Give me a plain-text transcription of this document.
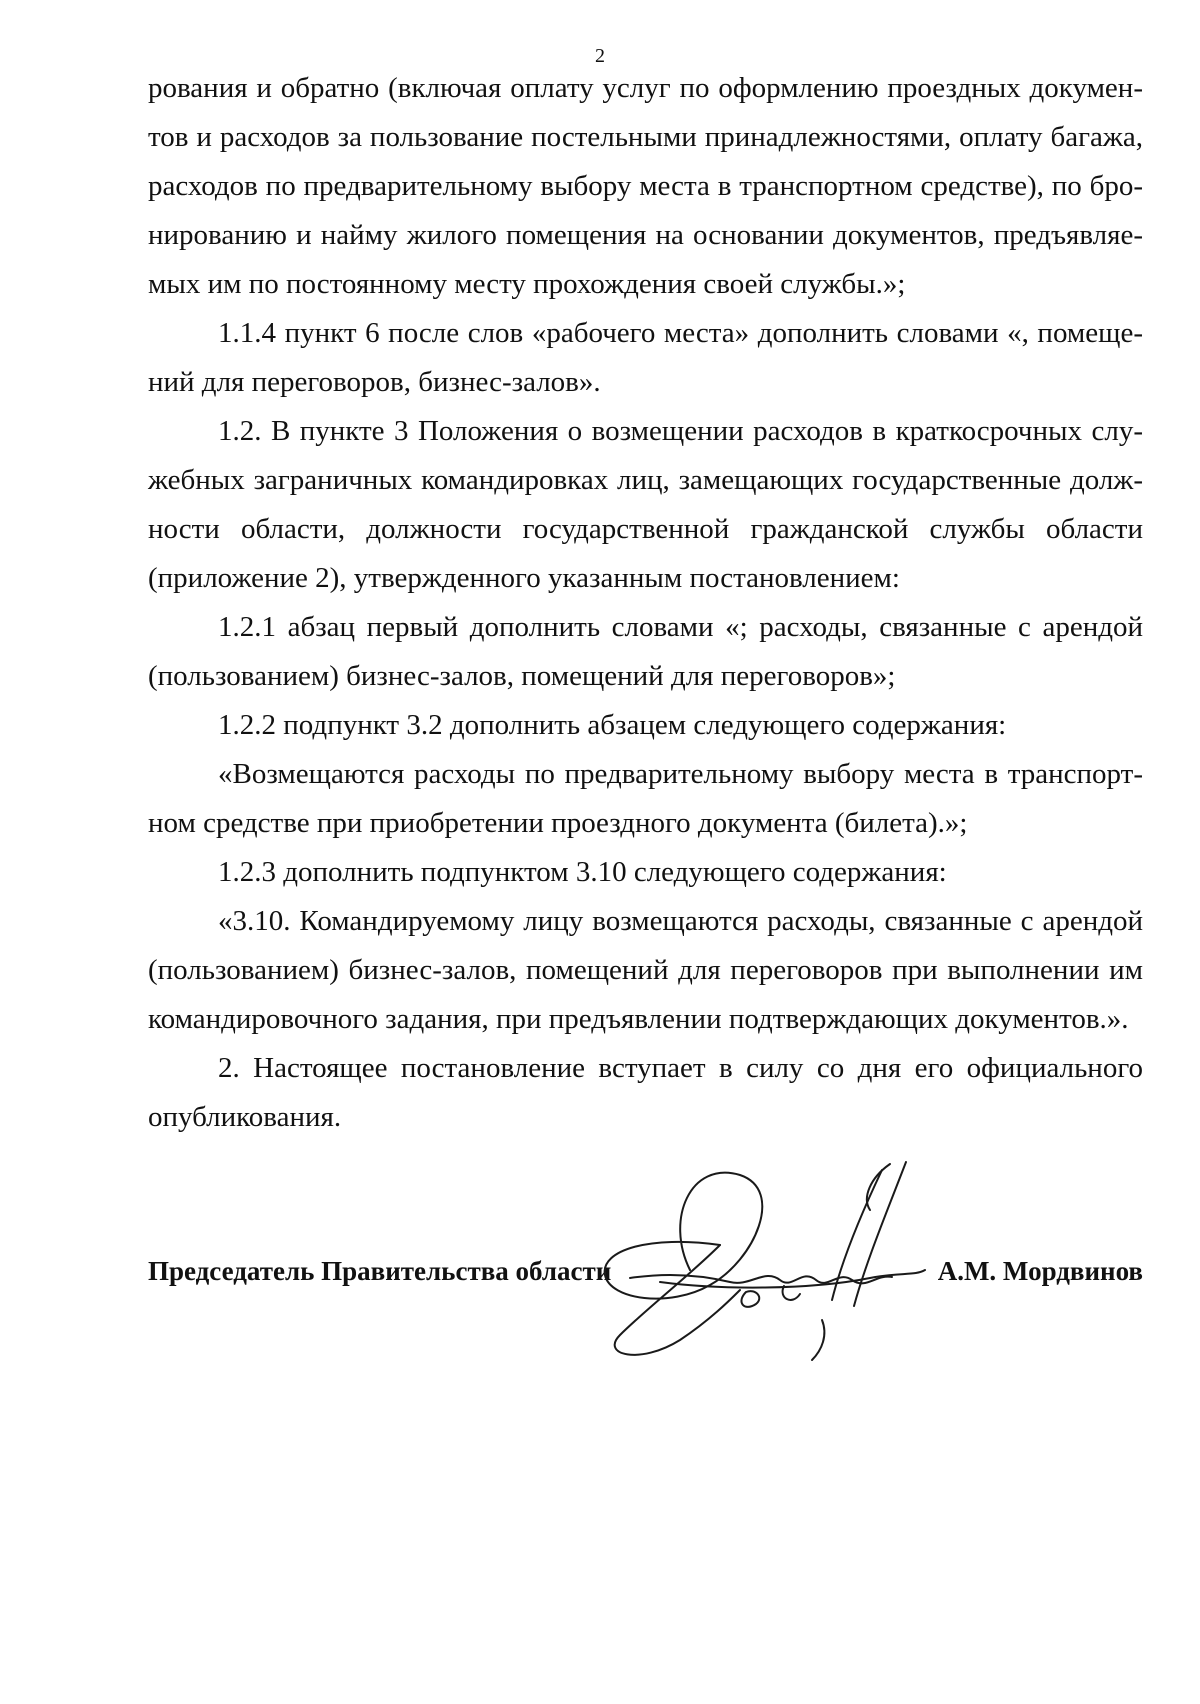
2

рования и обратно (включая оплату услуг по оформлению проездных документов и расходов за пользование постельными принадлежностями, оплату багажа, расходов по предварительному выбору места в транспортном средстве), по бронированию и найму жилого помещения на основании документов, предъявляемых им по постоянному месту прохождения своей службы.»;

1.1.4 пункт 6 после слов «рабочего места» дополнить словами «, помещений для переговоров, бизнес-залов».

1.2. В пункте 3 Положения о возмещении расходов в краткосрочных служебных заграничных командировках лиц, замещающих государственные должности области, должности государственной гражданской службы области (приложение 2), утвержденного указанным постановлением:

1.2.1 абзац первый дополнить словами «; расходы, связанные с арендой (пользованием) бизнес-залов, помещений для переговоров»;

1.2.2 подпункт 3.2 дополнить абзацем следующего содержания:

«Возмещаются расходы по предварительному выбору места в транспортном средстве при приобретении проездного документа (билета).»;

1.2.3 дополнить подпунктом 3.10 следующего содержания:

«3.10. Командируемому лицу возмещаются расходы, связанные с арендой (пользованием) бизнес-залов, помещений для переговоров при выполнении им командировочного задания, при предъявлении подтверждающих документов.».

2. Настоящее постановление вступает в силу со дня его официального опубликования.

Председатель Правительства области	А.М. Мордвинов
